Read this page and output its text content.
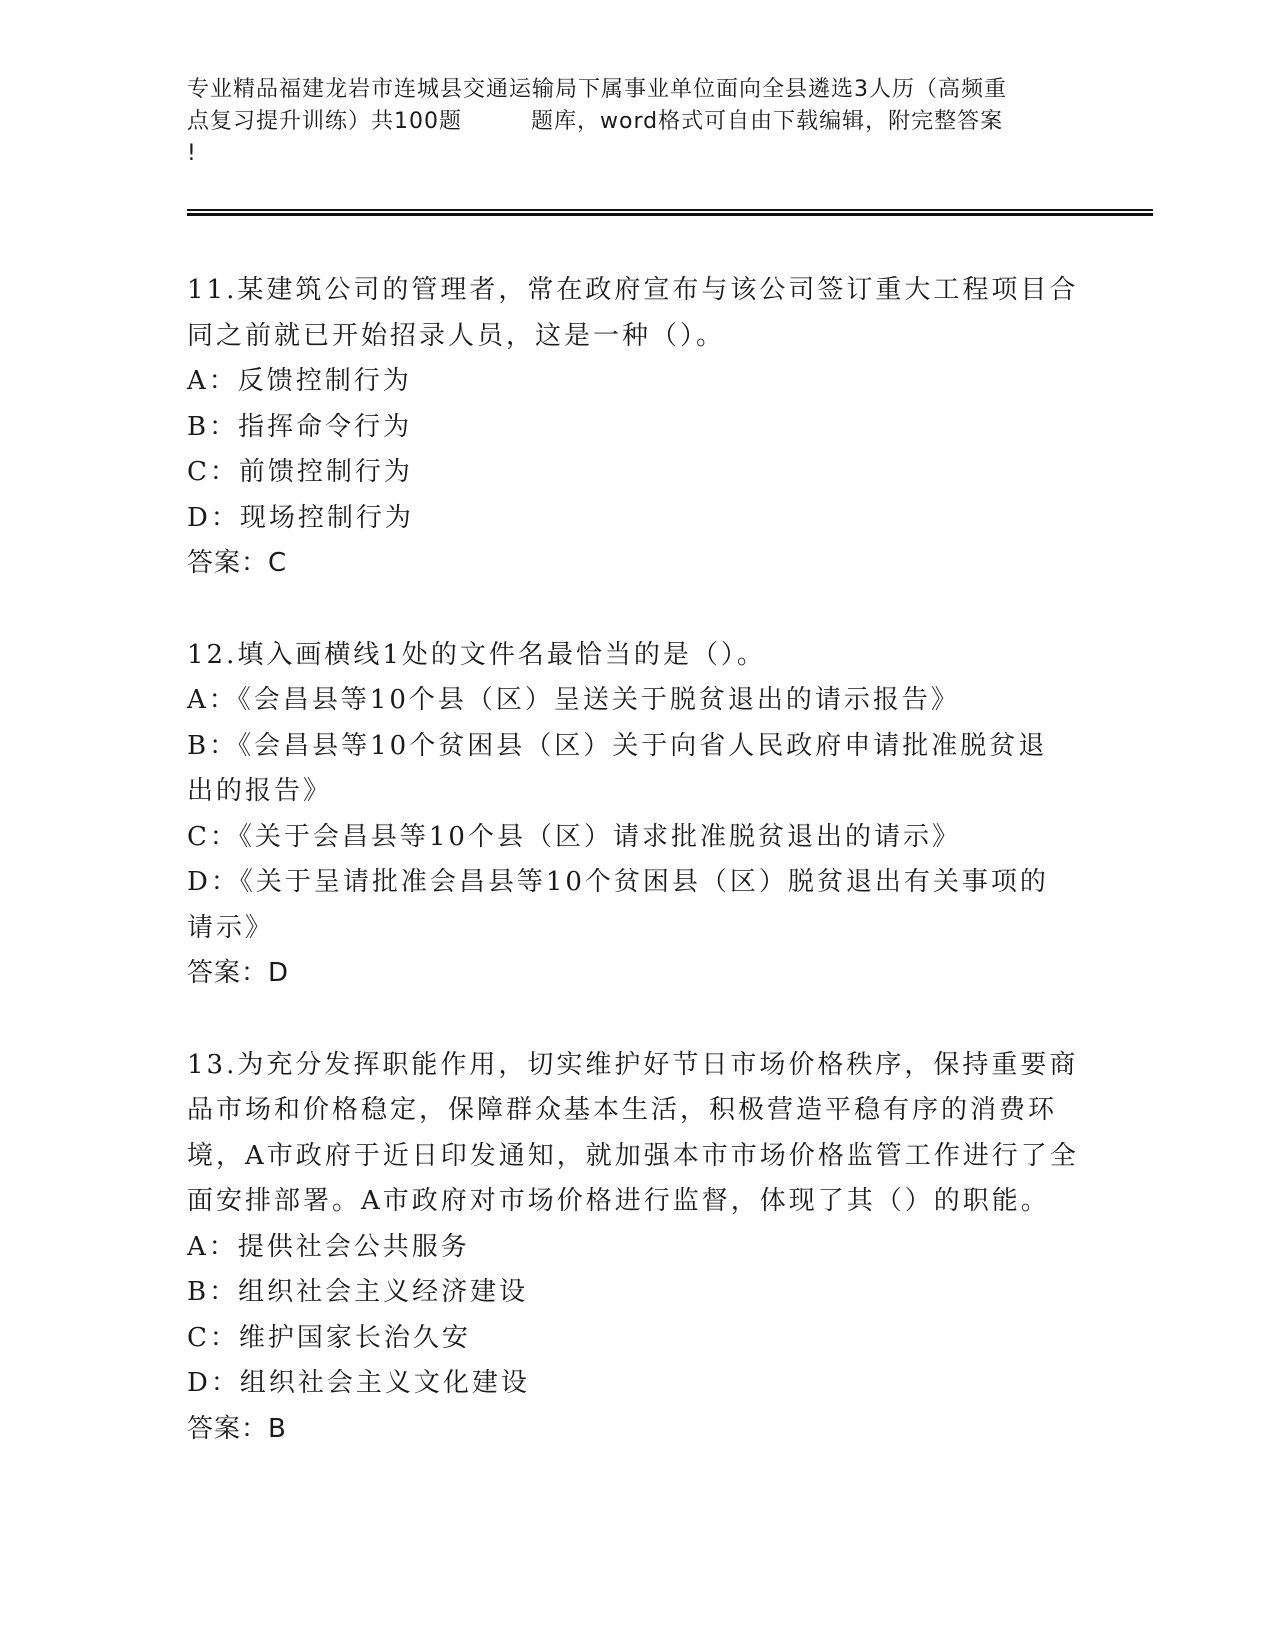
专业精品福建龙岩市连城县交通运输局下属事业单位面向全县遴选3人历（高频重
点复习提升训练）共100题　　　题库，word格式可自由下载编辑，附完整答案
!
11.某建筑公司的管理者，常在政府宣布与该公司签订重大工程项目合
同之前就已开始招录人员，这是一种（）。
A：反馈控制行为
B：指挥命令行为
C：前馈控制行为
D：现场控制行为
答案：C
12.填入画横线1处的文件名最恰当的是（）。
A：《会昌县等10个县（区）呈送关于脱贫退出的请示报告》
B：《会昌县等10个贫困县（区）关于向省人民政府申请批准脱贫退
出的报告》
C：《关于会昌县等10个县（区）请求批准脱贫退出的请示》
D：《关于呈请批准会昌县等10个贫困县（区）脱贫退出有关事项的
请示》
答案：D
13.为充分发挥职能作用，切实维护好节日市场价格秩序，保持重要商
品市场和价格稳定，保障群众基本生活，积极营造平稳有序的消费环
境，A市政府于近日印发通知，就加强本市市场价格监管工作进行了全
面安排部署。A市政府对市场价格进行监督，体现了其（）的职能。
A：提供社会公共服务
B：组织社会主义经济建设
C：维护国家长治久安
D：组织社会主义文化建设
答案：B
